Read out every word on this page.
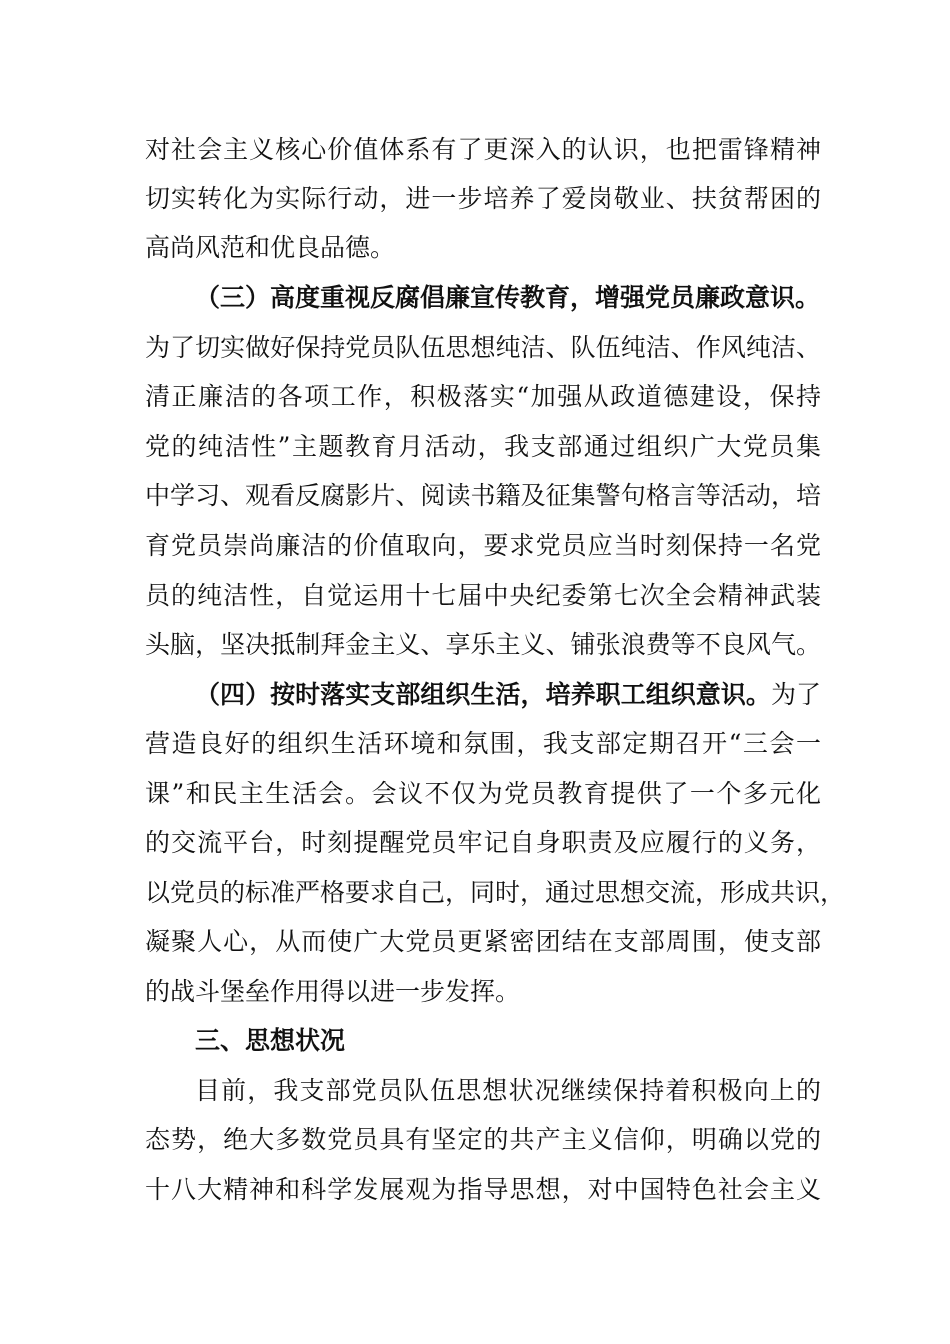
对社会主义核心价值体系有了更深入的认识，也把雷锋精神
切实转化为实际行动，进一步培养了爱岗敬业、扶贫帮困的
高尚风范和优良品德。
（三）高度重视反腐倡廉宣传教育，增强党员廉政意识。
为了切实做好保持党员队伍思想纯洁、队伍纯洁、作风纯洁、
清正廉洁的各项工作，积极落实“加强从政道德建设，保持
党的纯洁性”主题教育月活动，我支部通过组织广大党员集
中学习、观看反腐影片、阅读书籍及征集警句格言等活动，培
育党员崇尚廉洁的价值取向，要求党员应当时刻保持一名党
员的纯洁性，自觉运用十七届中央纪委第七次全会精神武装
头脑，坚决抵制拜金主义、享乐主义、铺张浪费等不良风气。
（四）按时落实支部组织生活，培养职工组织意识。为了
营造良好的组织生活环境和氛围，我支部定期召开“三会一
课”和民主生活会。会议不仅为党员教育提供了一个多元化
的交流平台，时刻提醒党员牢记自身职责及应履行的义务，
以党员的标准严格要求自己，同时，通过思想交流，形成共识，
凝聚人心，从而使广大党员更紧密团结在支部周围，使支部
的战斗堡垒作用得以进一步发挥。
三、思想状况
目前，我支部党员队伍思想状况继续保持着积极向上的
态势，绝大多数党员具有坚定的共产主义信仰，明确以党的
十八大精神和科学发展观为指导思想，对中国特色社会主义
